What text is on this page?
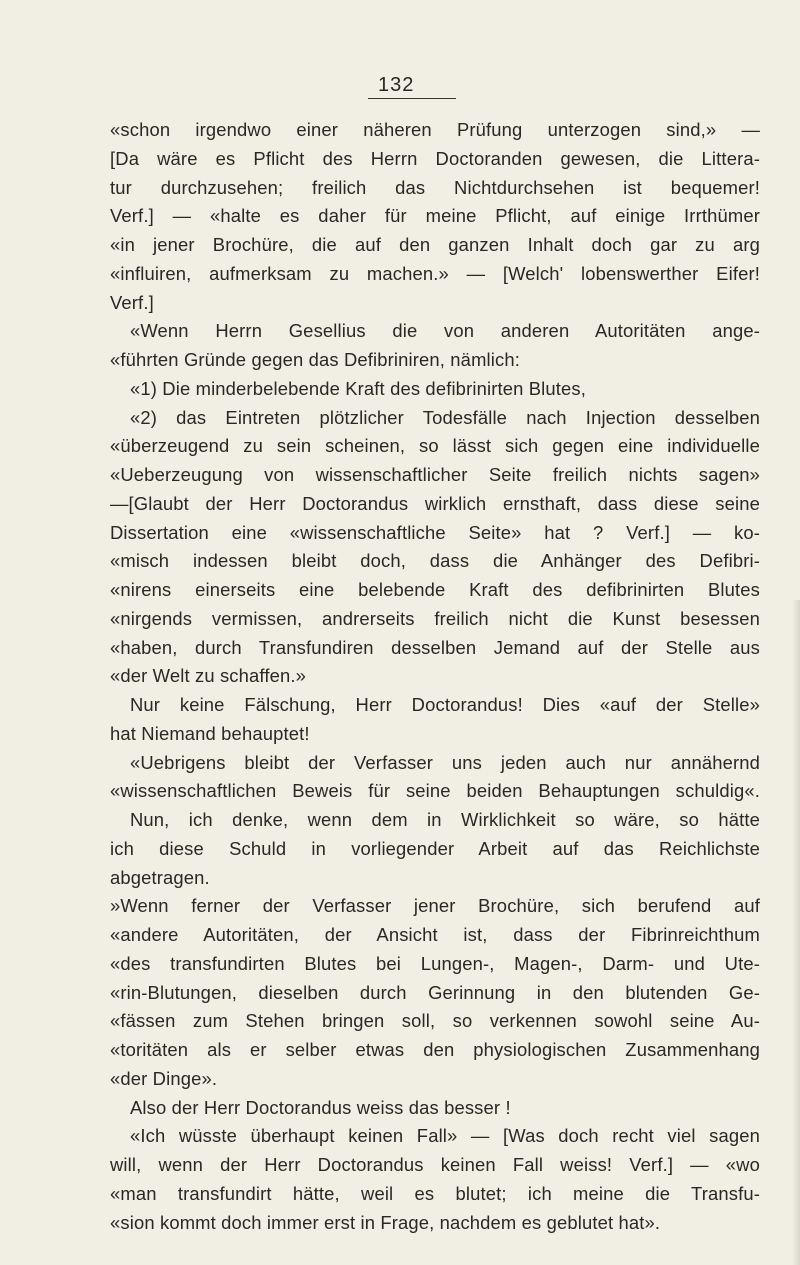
132
«schon irgendwo einer näheren Prüfung unterzogen sind,» —
[Da wäre es Pflicht des Herrn Doctoranden gewesen, die Littera-
tur durchzusehen; freilich das Nichtdurchsehen ist bequemer!
Verf.] — «halte es daher für meine Pflicht, auf einige Irrthümer
«in jener Brochüre, die auf den ganzen Inhalt doch gar zu arg
«influiren, aufmerksam zu machen.» — [Welch' lobenswerther Eifer!
Verf.]
«Wenn Herrn Gesellius die von anderen Autoritäten ange-
«führten Gründe gegen das Defibriniren, nämlich:
«1) Die minderbelebende Kraft des defibrinirten Blutes,
«2) das Eintreten plötzlicher Todesfälle nach Injection desselben
«überzeugend zu sein scheinen, so lässt sich gegen eine individuelle
«Ueberzeugung von wissenschaftlicher Seite freilich nichts sagen»
—[Glaubt der Herr Doctorandus wirklich ernsthaft, dass diese seine
Dissertation eine «wissenschaftliche Seite» hat ? Verf.] — ko-
«misch indessen bleibt doch, dass die Anhänger des Defibri-
«nirens einerseits eine belebende Kraft des defibrinirten Blutes
«nirgends vermissen, andrerseits freilich nicht die Kunst besessen
«haben, durch Transfundiren desselben Jemand auf der Stelle aus
«der Welt zu schaffen.»
Nur keine Fälschung, Herr Doctorandus! Dies «auf der Stelle»
hat Niemand behauptet!
«Uebrigens bleibt der Verfasser uns jeden auch nur annähernd
«wissenschaftlichen Beweis für seine beiden Behauptungen schuldig«.
Nun, ich denke, wenn dem in Wirklichkeit so wäre, so hätte
ich diese Schuld in vorliegender Arbeit auf das Reichlichste
abgetragen.
»Wenn ferner der Verfasser jener Brochüre, sich berufend auf
«andere Autoritäten, der Ansicht ist, dass der Fibrinreichthum
«des transfundirten Blutes bei Lungen-, Magen-, Darm- und Ute-
«rin-Blutungen, dieselben durch Gerinnung in den blutenden Ge-
«fässen zum Stehen bringen soll, so verkennen sowohl seine Au-
«toritäten als er selber etwas den physiologischen Zusammenhang
«der Dinge».
Also der Herr Doctorandus weiss das besser !
«Ich wüsste überhaupt keinen Fall» — [Was doch recht viel sagen
will, wenn der Herr Doctorandus keinen Fall weiss! Verf.] — «wo
«man transfundirt hätte, weil es blutet; ich meine die Transfu-
«sion kommt doch immer erst in Frage, nachdem es geblutet hat».
